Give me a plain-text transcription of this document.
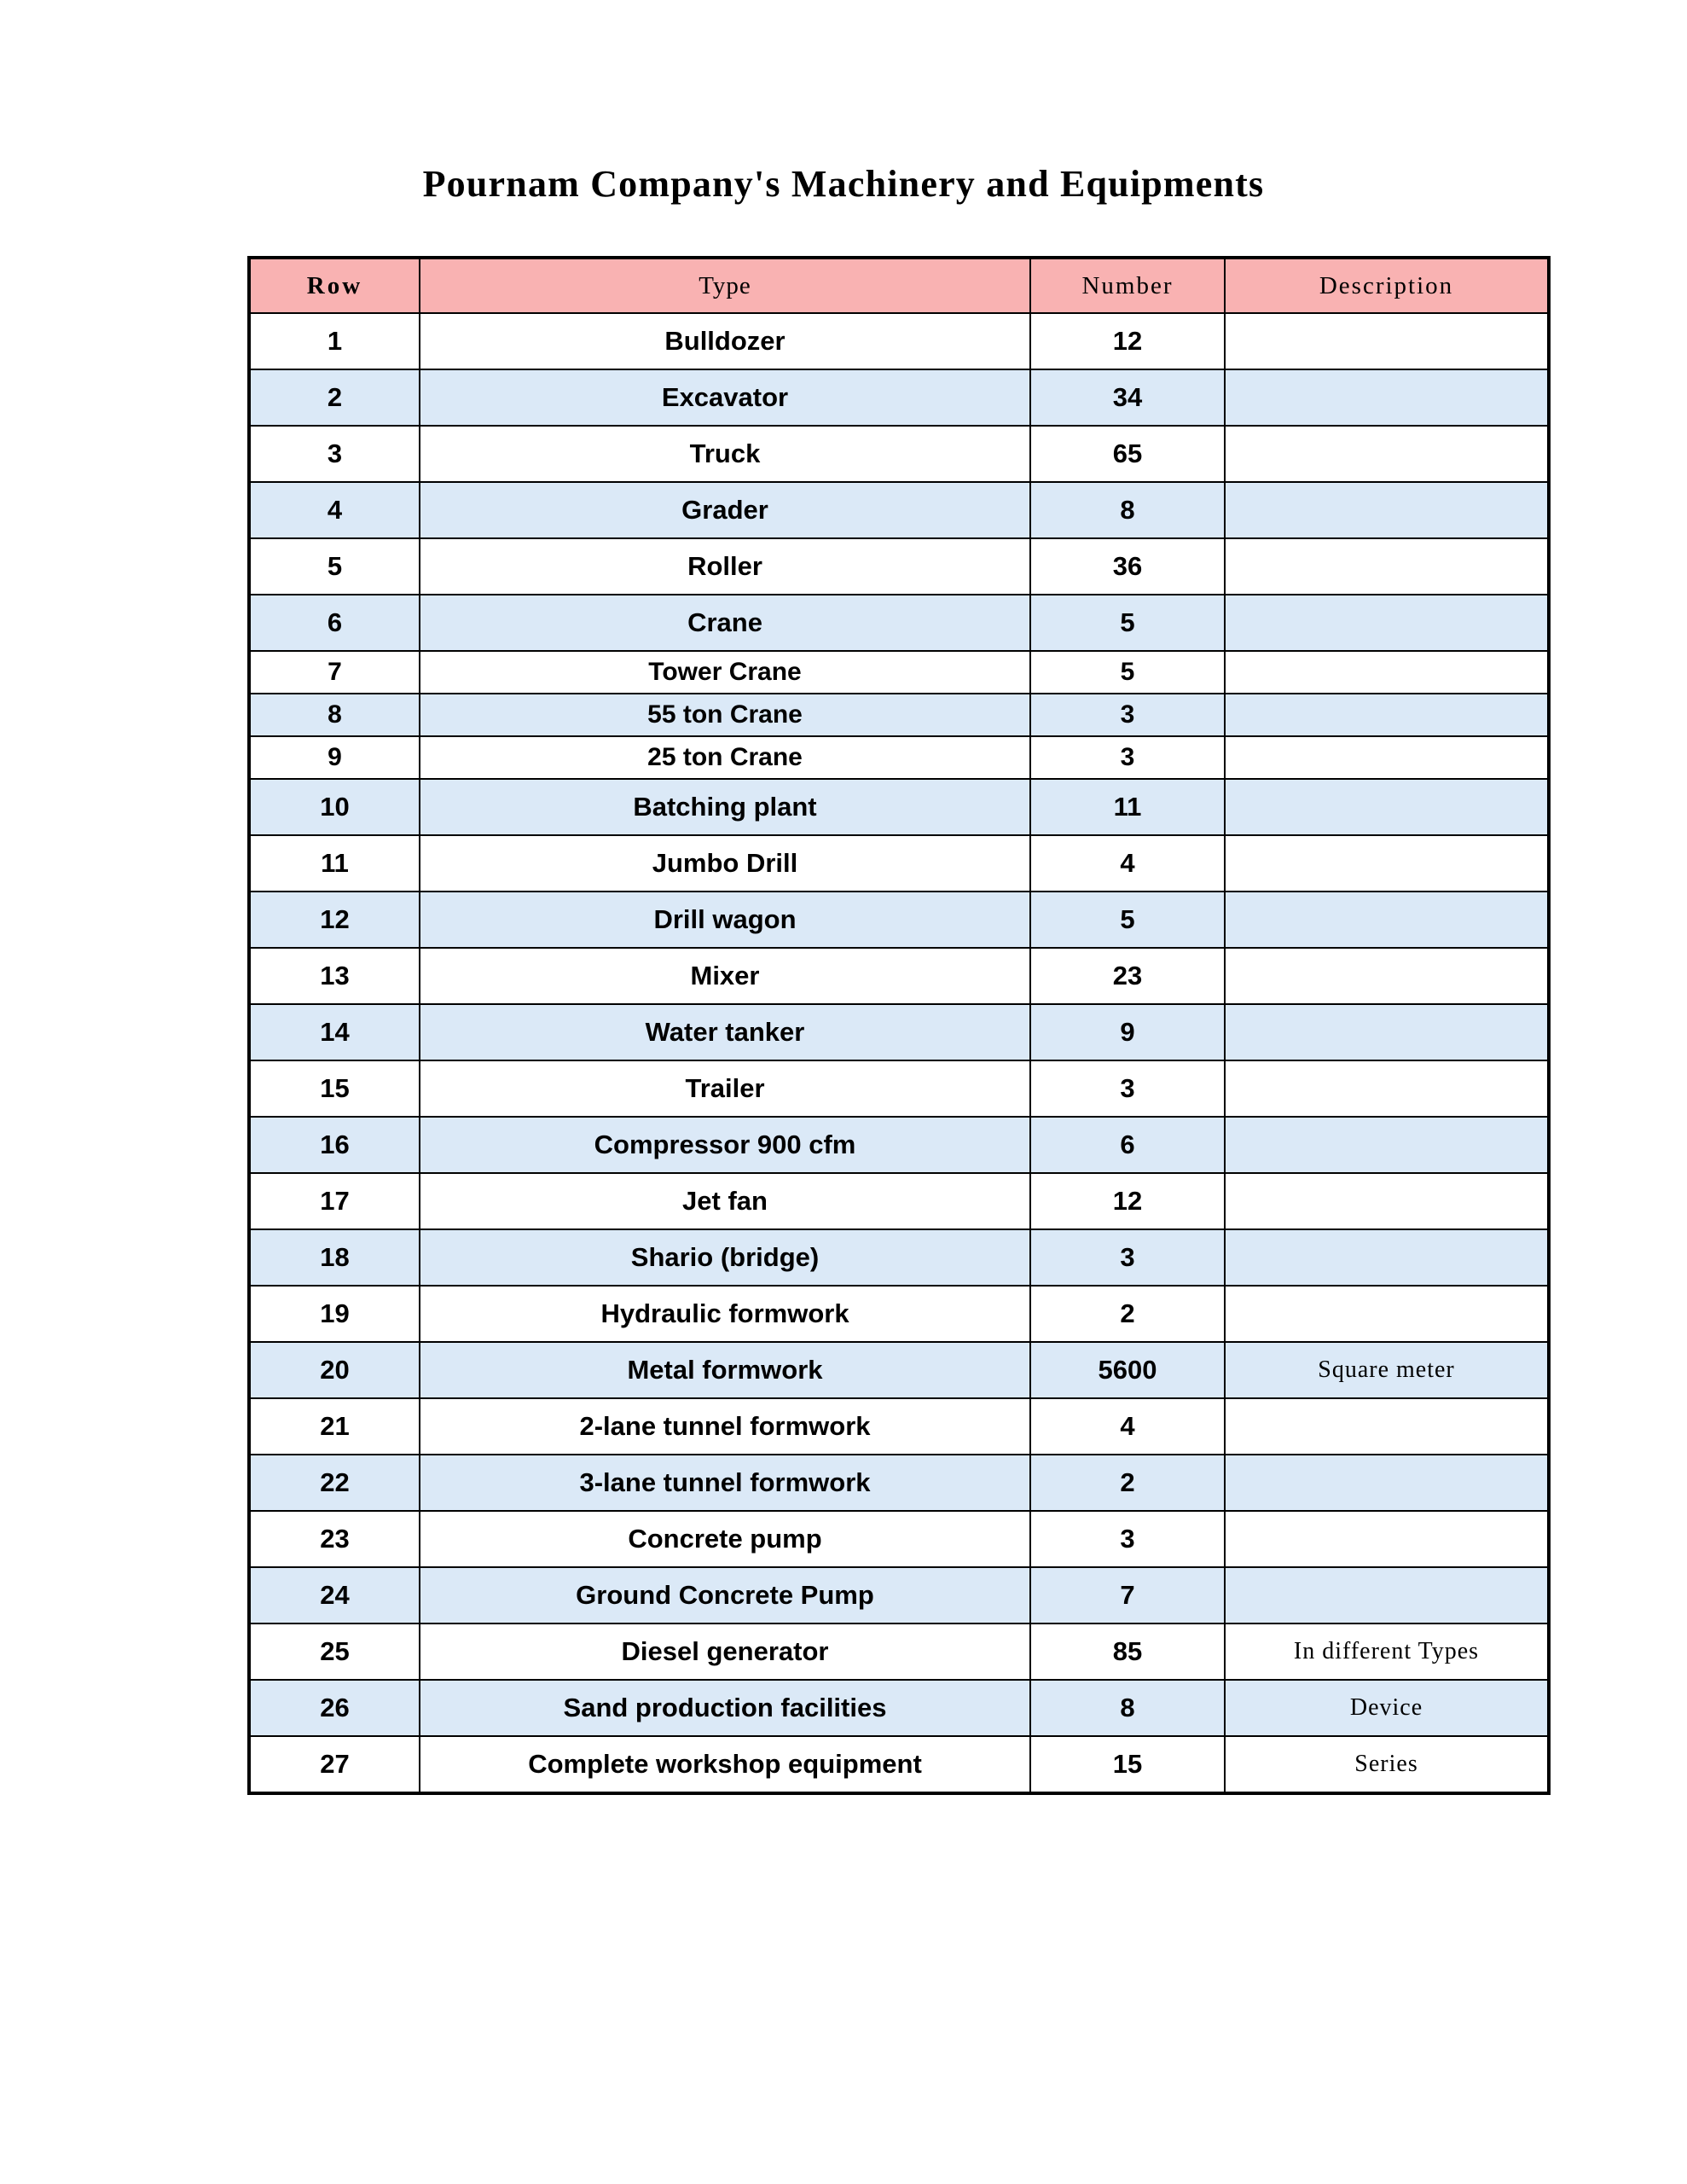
Pournam Company's Machinery and Equipments
Row	Type	Number	Description
1	Bulldozer	12	
2	Excavator	34	
3	Truck	65	
4	Grader	8	
5	Roller	36	
6	Crane	5	
7	Tower Crane	5	
8	55 ton Crane	3	
9	25 ton Crane	3	
10	Batching plant	11	
11	Jumbo Drill	4	
12	Drill wagon	5	
13	Mixer	23	
14	Water tanker	9	
15	Trailer	3	
16	Compressor 900 cfm	6	
17	Jet fan	12	
18	Shario (bridge)	3	
19	Hydraulic formwork	2	
20	Metal formwork	5600	Square meter
21	2-lane tunnel formwork	4	
22	3-lane tunnel formwork	2	
23	Concrete pump	3	
24	Ground Concrete Pump	7	
25	Diesel generator	85	In different Types
26	Sand production facilities	8	Device
27	Complete workshop equipment	15	Series
